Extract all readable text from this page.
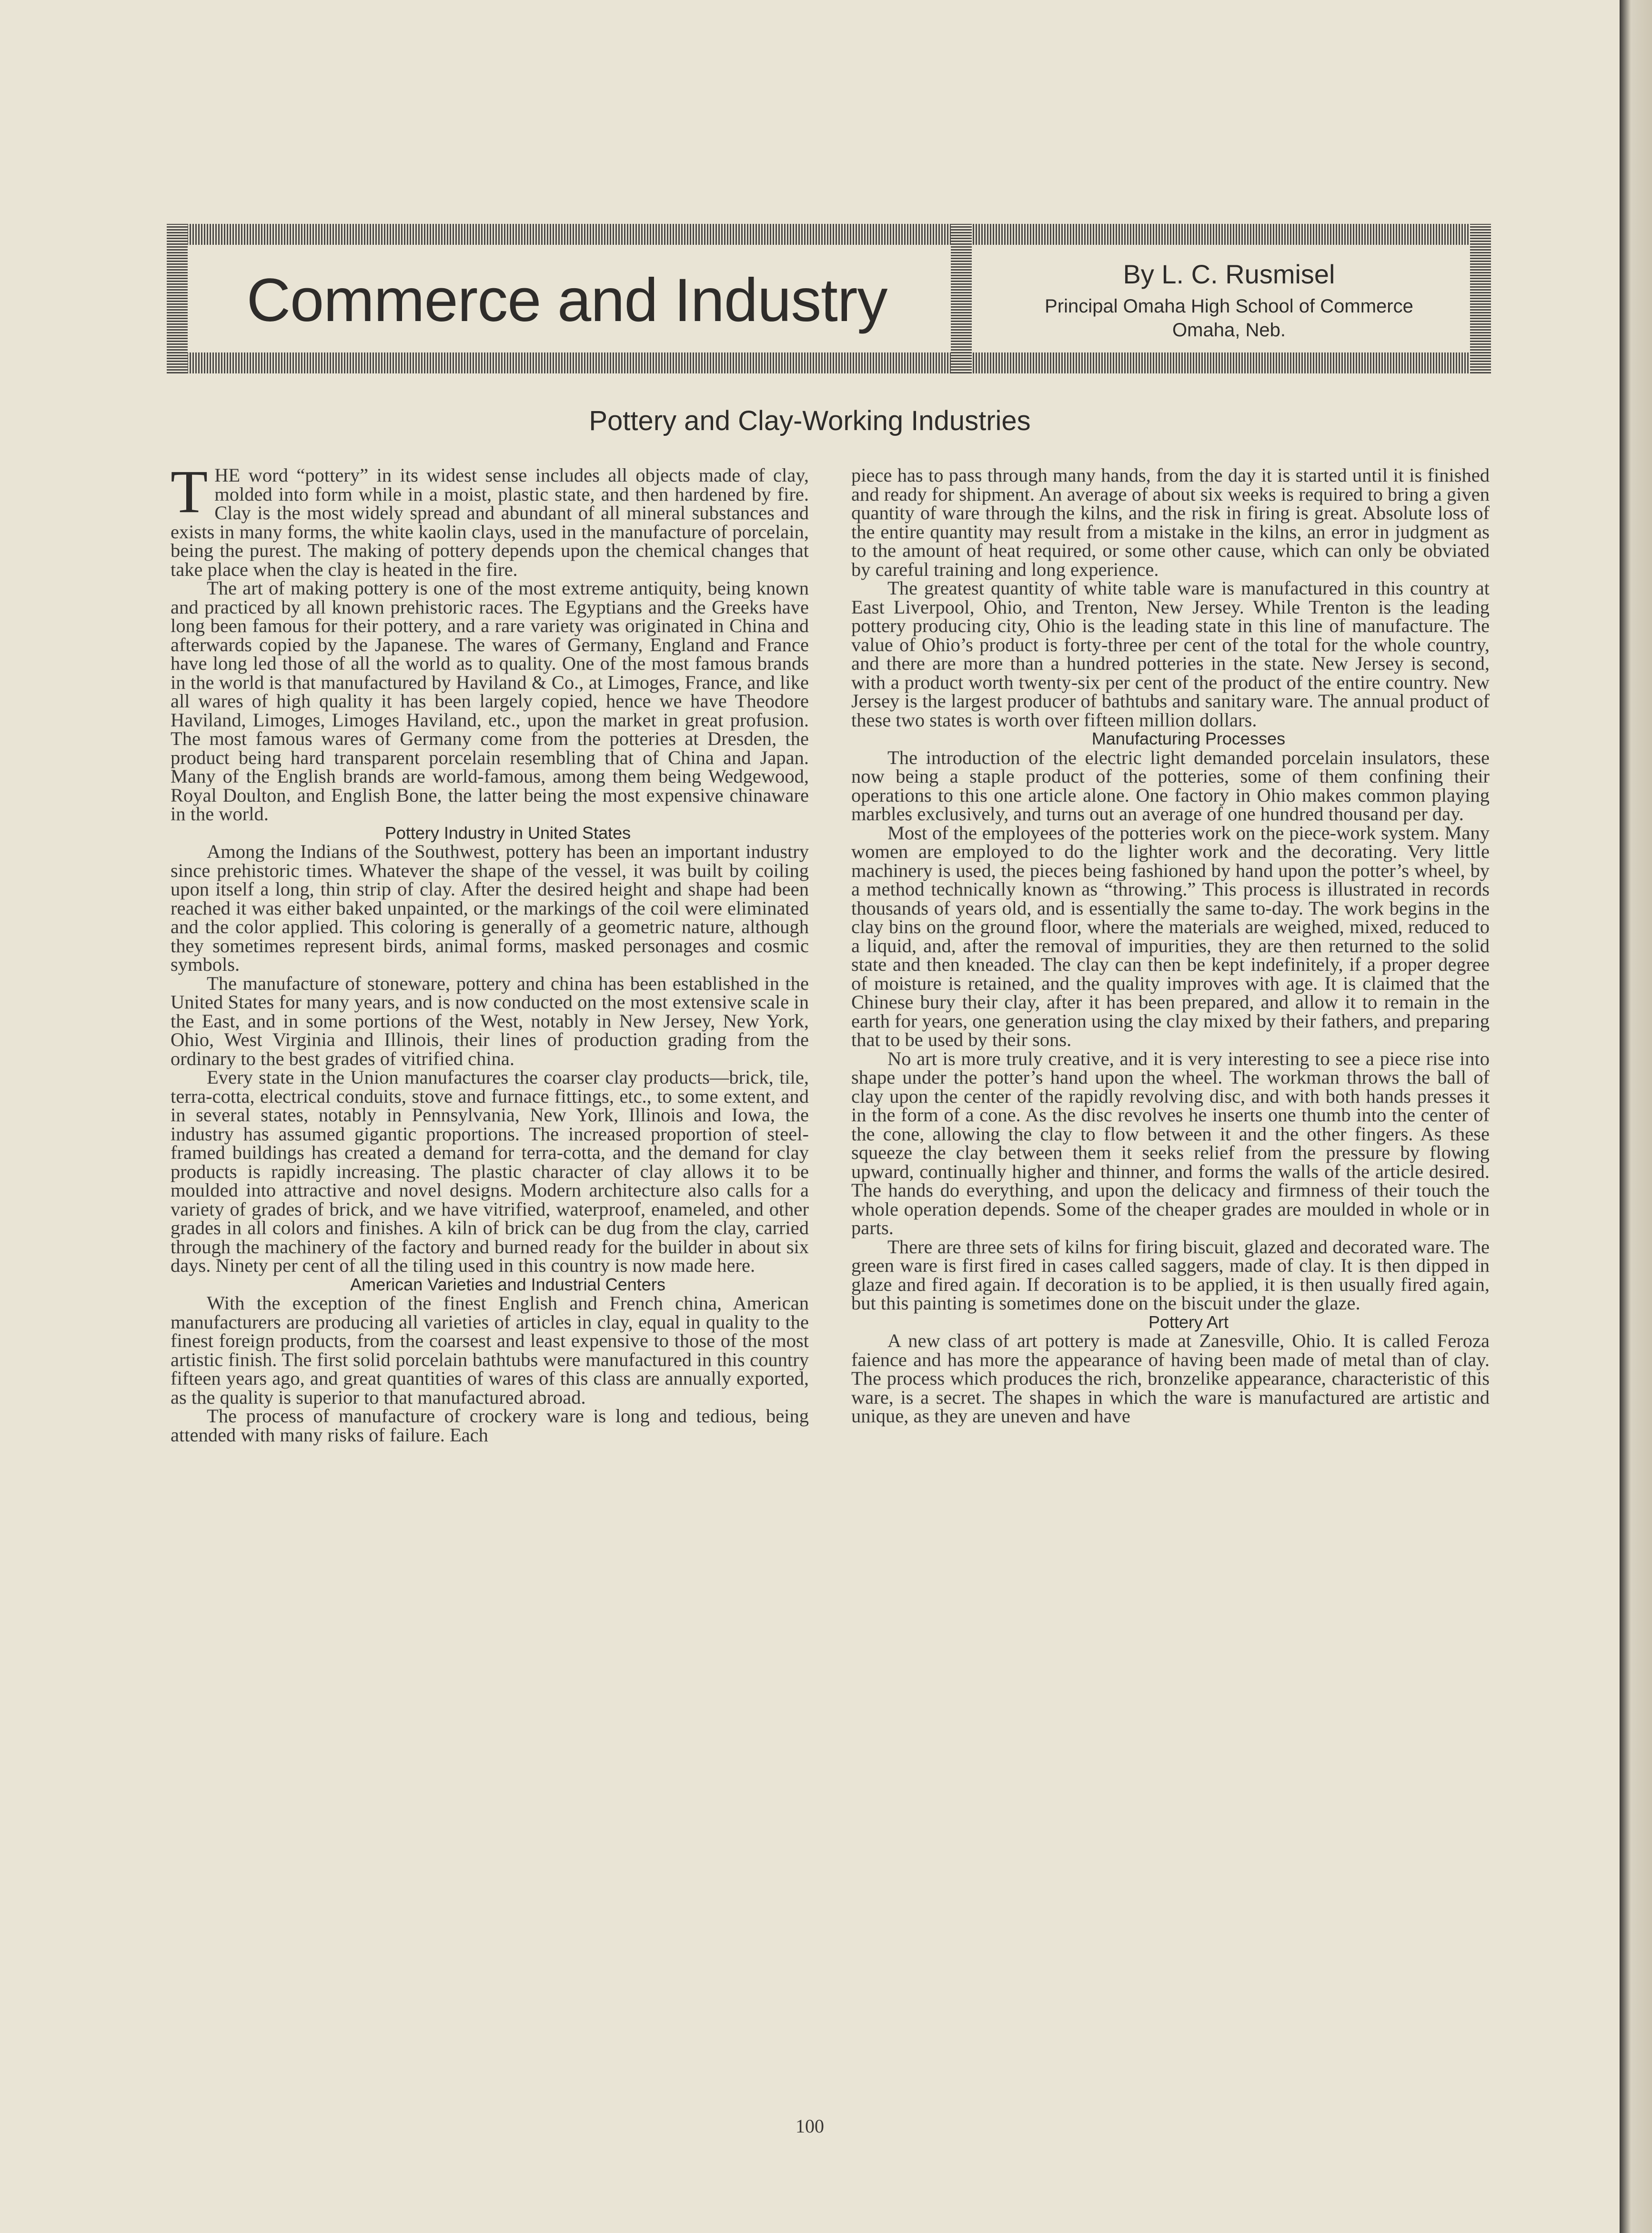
Commerce and Industry	By L. C. Rusmisel
Principal Omaha High School of Commerce
Omaha, Neb.
Pottery and Clay-Working Industries

THE word “pottery” in its widest sense includes all objects made of clay, molded into form while in a moist, plastic state, and then hardened by fire. Clay is the most widely spread and abundant of all mineral substances and exists in many forms, the white kaolin clays, used in the manufacture of porcelain, being the purest. The making of pottery depends upon the chemical changes that take place when the clay is heated in the fire.

The art of making pottery is one of the most extreme antiquity, being known and practiced by all known prehistoric races. The Egyptians and the Greeks have long been famous for their pottery, and a rare variety was originated in China and afterwards copied by the Japanese. The wares of Germany, England and France have long led those of all the world as to quality. One of the most famous brands in the world is that manufactured by Haviland & Co., at Limoges, France, and like all wares of high quality it has been largely copied, hence we have Theodore Haviland, Limoges, Limoges Haviland, etc., upon the market in great profusion. The most famous wares of Germany come from the potteries at Dresden, the product being hard transparent porcelain resembling that of China and Japan. Many of the English brands are world-famous, among them being Wedgewood, Royal Doulton, and English Bone, the latter being the most expensive chinaware in the world.

Pottery Industry in United States

Among the Indians of the Southwest, pottery has been an important industry since prehistoric times. Whatever the shape of the vessel, it was built by coiling upon itself a long, thin strip of clay. After the desired height and shape had been reached it was either baked unpainted, or the markings of the coil were eliminated and the color applied. This coloring is generally of a geometric nature, although they sometimes represent birds, animal forms, masked personages and cosmic symbols.

The manufacture of stoneware, pottery and china has been established in the United States for many years, and is now conducted on the most extensive scale in the East, and in some portions of the West, notably in New Jersey, New York, Ohio, West Virginia and Illinois, their lines of production grading from the ordinary to the best grades of vitrified china.

Every state in the Union manufactures the coarser clay products—brick, tile, terra-cotta, electrical conduits, stove and furnace fittings, etc., to some extent, and in several states, notably in Pennsylvania, New York, Illinois and Iowa, the industry has assumed gigantic proportions. The increased proportion of steel-framed buildings has created a demand for terra-cotta, and the demand for clay products is rapidly increasing. The plastic character of clay allows it to be moulded into attractive and novel designs. Modern architecture also calls for a variety of grades of brick, and we have vitrified, waterproof, enameled, and other grades in all colors and finishes. A kiln of brick can be dug from the clay, carried through the machinery of the factory and burned ready for the builder in about six days. Ninety per cent of all the tiling used in this country is now made here.

American Varieties and Industrial Centers

With the exception of the finest English and French china, American manufacturers are producing all varieties of articles in clay, equal in quality to the finest foreign products, from the coarsest and least expensive to those of the most artistic finish. The first solid porcelain bathtubs were manufactured in this country fifteen years ago, and great quantities of wares of this class are annually exported, as the quality is superior to that manufactured abroad.

The process of manufacture of crockery ware is long and tedious, being attended with many risks of failure. Each

piece has to pass through many hands, from the day it is started until it is finished and ready for shipment. An average of about six weeks is required to bring a given quantity of ware through the kilns, and the risk in firing is great. Absolute loss of the entire quantity may result from a mistake in the kilns, an error in judgment as to the amount of heat required, or some other cause, which can only be obviated by careful training and long experience.

The greatest quantity of white table ware is manufactured in this country at East Liverpool, Ohio, and Trenton, New Jersey. While Trenton is the leading pottery producing city, Ohio is the leading state in this line of manufacture. The value of Ohio’s product is forty-three per cent of the total for the whole country, and there are more than a hundred potteries in the state. New Jersey is second, with a product worth twenty-six per cent of the product of the entire country. New Jersey is the largest producer of bathtubs and sanitary ware. The annual product of these two states is worth over fifteen million dollars.

Manufacturing Processes

The introduction of the electric light demanded porcelain insulators, these now being a staple product of the potteries, some of them confining their operations to this one article alone. One factory in Ohio makes common playing marbles exclusively, and turns out an average of one hundred thousand per day.

Most of the employees of the potteries work on the piece-work system. Many women are employed to do the lighter work and the decorating. Very little machinery is used, the pieces being fashioned by hand upon the potter’s wheel, by a method technically known as “throwing.” This process is illustrated in records thousands of years old, and is essentially the same to-day. The work begins in the clay bins on the ground floor, where the materials are weighed, mixed, reduced to a liquid, and, after the removal of impurities, they are then returned to the solid state and then kneaded. The clay can then be kept indefinitely, if a proper degree of moisture is retained, and the quality improves with age. It is claimed that the Chinese bury their clay, after it has been prepared, and allow it to remain in the earth for years, one generation using the clay mixed by their fathers, and preparing that to be used by their sons.

No art is more truly creative, and it is very interesting to see a piece rise into shape under the potter’s hand upon the wheel. The workman throws the ball of clay upon the center of the rapidly revolving disc, and with both hands presses it in the form of a cone. As the disc revolves he inserts one thumb into the center of the cone, allowing the clay to flow between it and the other fingers. As these squeeze the clay between them it seeks relief from the pressure by flowing upward, continually higher and thinner, and forms the walls of the article desired. The hands do everything, and upon the delicacy and firmness of their touch the whole operation depends. Some of the cheaper grades are moulded in whole or in parts.

There are three sets of kilns for firing biscuit, glazed and decorated ware. The green ware is first fired in cases called saggers, made of clay. It is then dipped in glaze and fired again. If decoration is to be applied, it is then usually fired again, but this painting is sometimes done on the biscuit under the glaze.

Pottery Art

A new class of art pottery is made at Zanesville, Ohio. It is called Feroza faience and has more the appearance of having been made of metal than of clay. The process which produces the rich, bronzelike appearance, characteristic of this ware, is a secret. The shapes in which the ware is manufactured are artistic and unique, as they are uneven and have

100
